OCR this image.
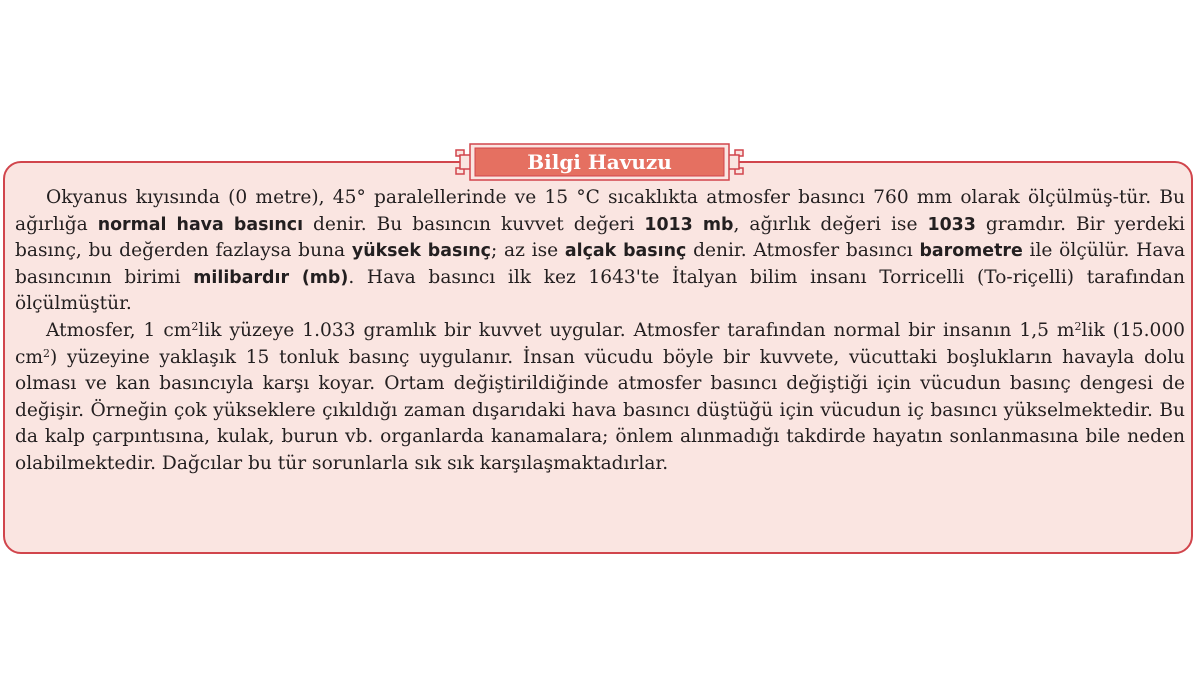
Okyanus kıyısında (0 metre), 45° paralellerinde ve 15 °C sıcaklıkta atmosfer basıncı 760 mm olarak ölçülmüş-tür. Bu ağırlığa normal hava basıncı denir. Bu basıncın kuvvet değeri 1013 mb, ağırlık değeri ise 1033 gramdır. Bir yerdeki basınç, bu değerden fazlaysa buna yüksek basınç; az ise alçak basınç denir. Atmosfer basıncı barometre ile ölçülür. Hava basıncının birimi milibardır (mb). Hava basıncı ilk kez 1643'te İtalyan bilim insanı Torricelli (To-riçelli) tarafından ölçülmüştür.

Atmosfer, 1 $cm^2lik$ yüzeye 1.033 gramlık bir kuvvet uygular. Atmosfer tarafından normal bir insanın 1,5 $m^2lik$ (15.000 $cm^2$) yüzeyine yaklaşık 15 tonluk basınç uygulanır. İnsan vücudu böyle bir kuvvete, vücuttaki boşlukların havayla dolu olması ve kan basıncıyla karşı koyar. Ortam değiştirildiğinde atmosfer basıncı değiştiği için vücudun basınç dengesi de değişir. Örneğin çok yükseklere çıkıldığı zaman dışarıdaki hava basıncı düştüğü için vücudun iç basıncı yükselmektedir. Bu da kalp çarpıntısına, kulak, burun vb. organlarda kanamalara; önlem alınmadığı takdirde hayatın sonlanmasına bile neden olabilmektedir. Dağcılar bu tür sorunlarla sık sık karşılaşmaktadırlar.

Bilgi Havuzu
